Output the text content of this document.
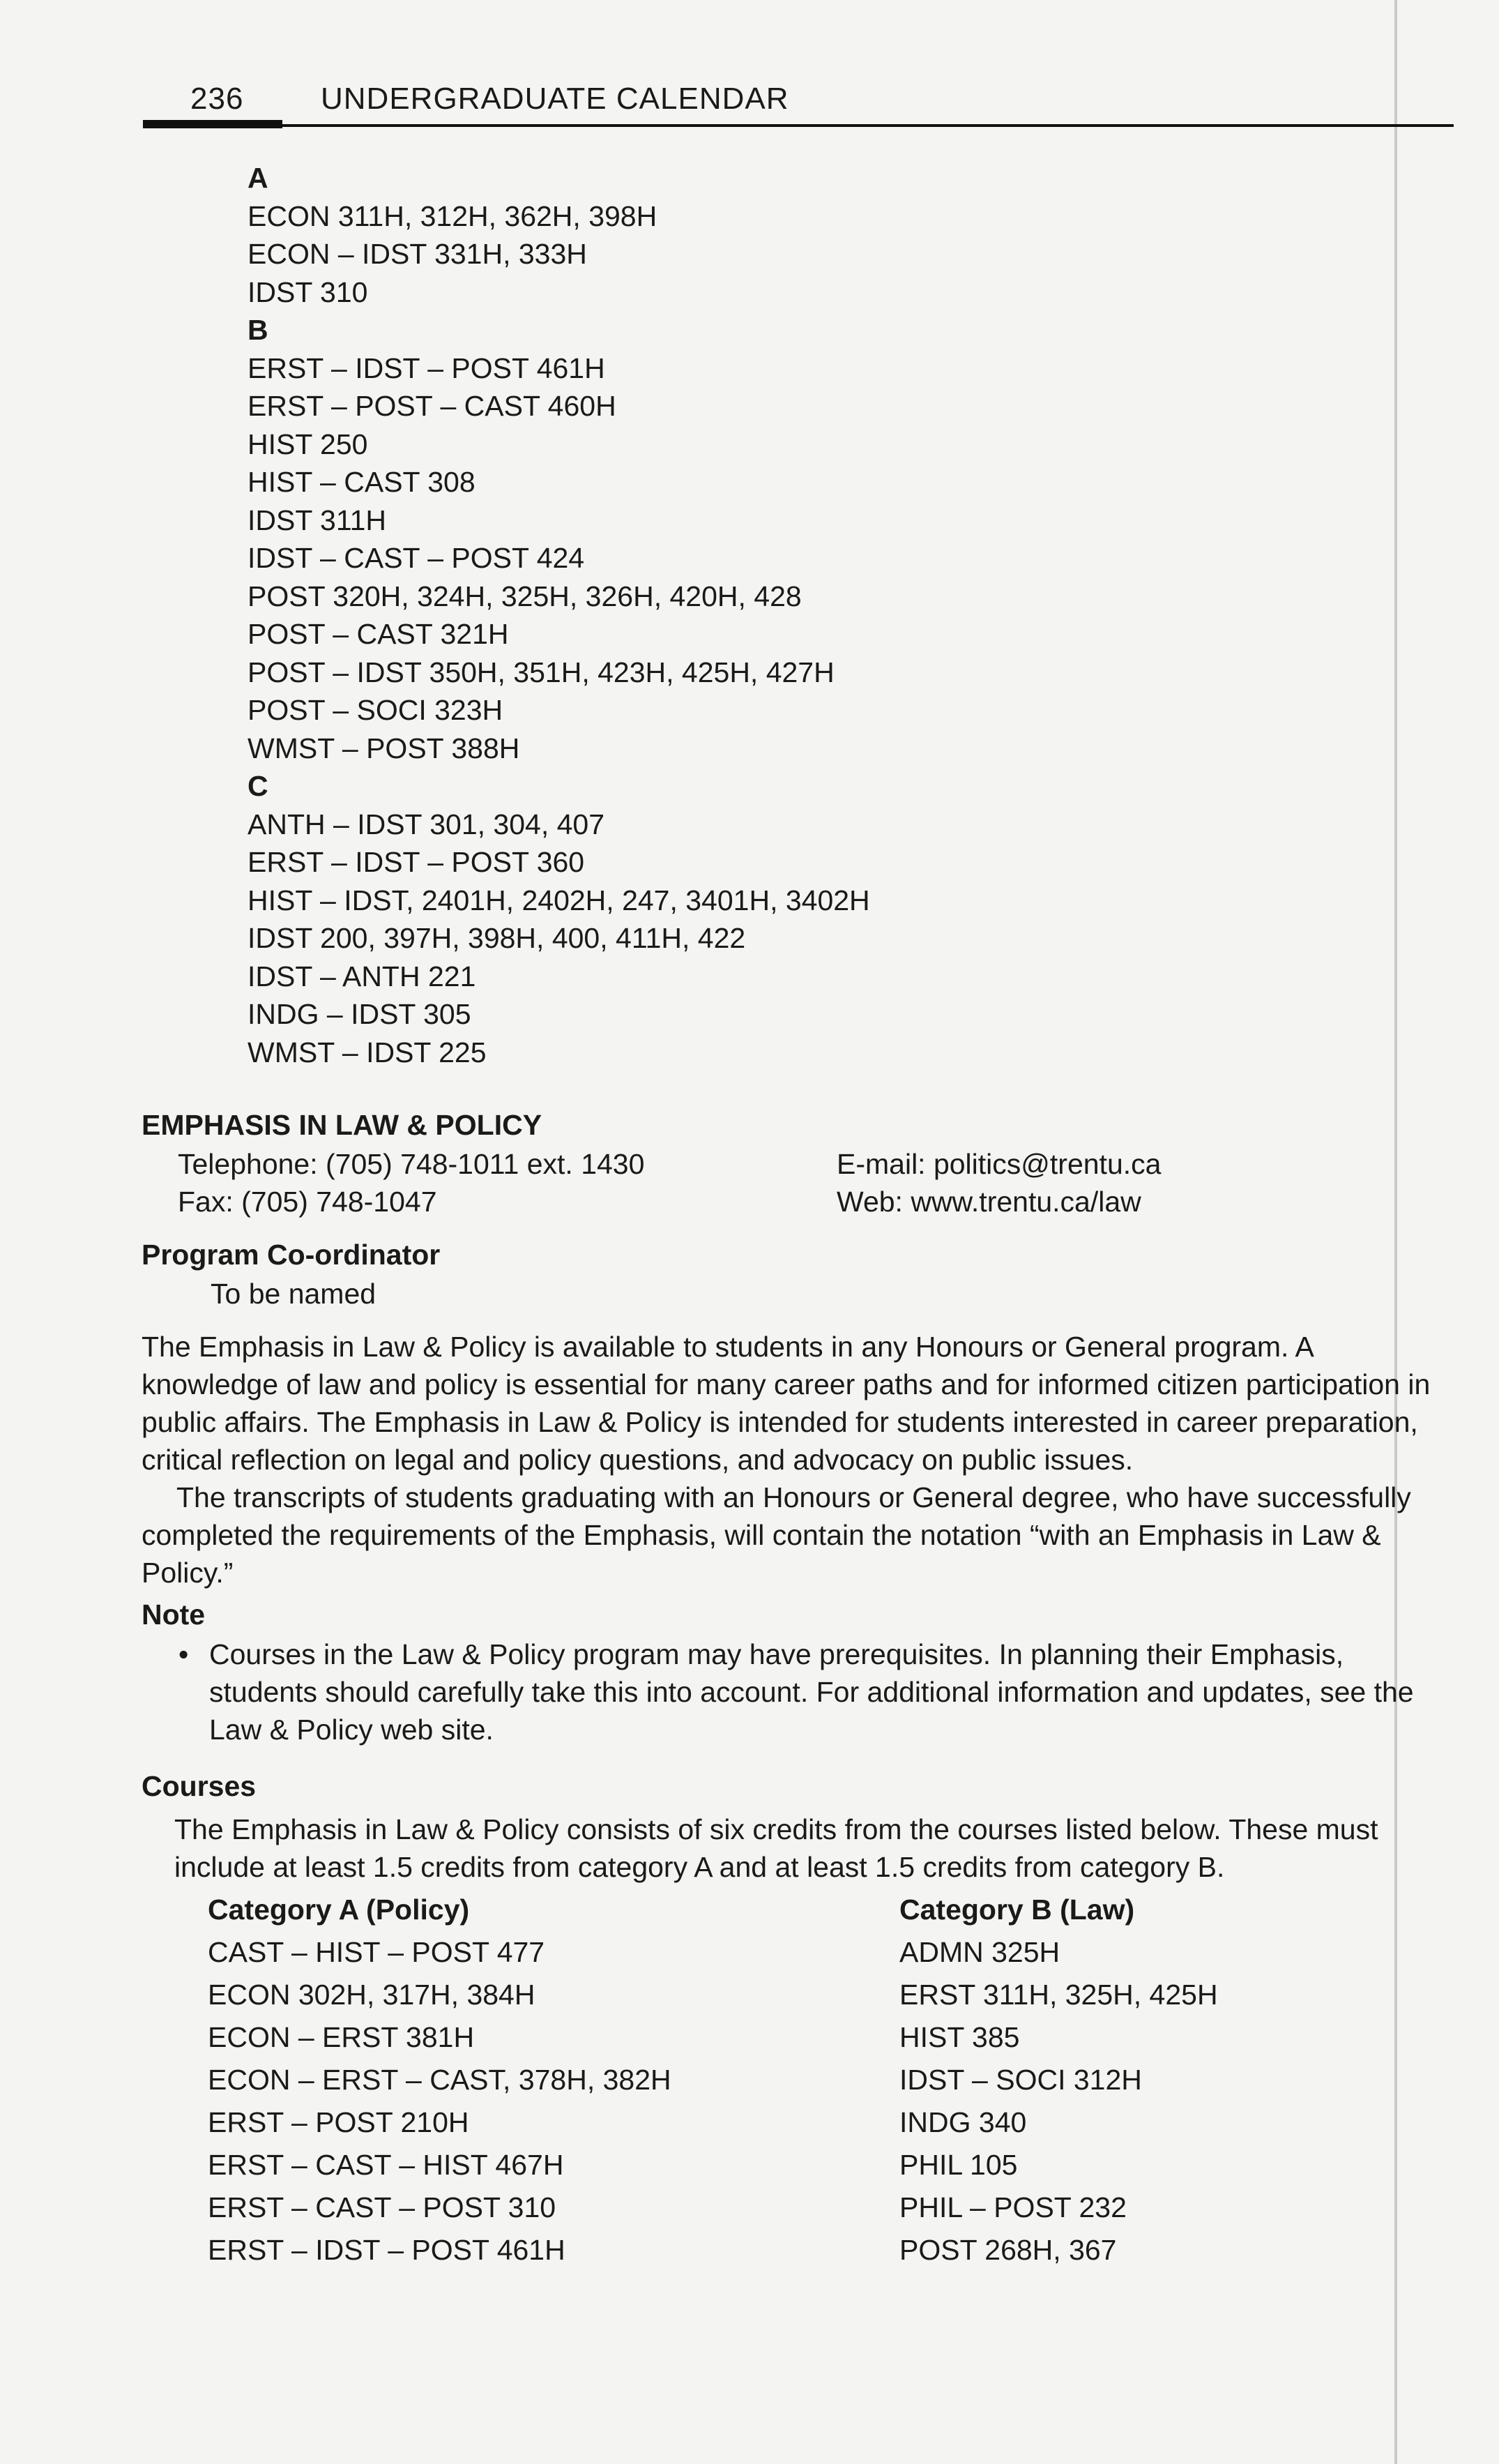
236	UNDERGRADUATE CALENDAR
A
ECON 311H, 312H, 362H, 398H
ECON – IDST 331H, 333H
IDST 310
B
ERST – IDST – POST 461H
ERST – POST – CAST 460H
HIST 250
HIST – CAST 308
IDST 311H
IDST – CAST – POST 424
POST 320H, 324H, 325H, 326H, 420H, 428
POST – CAST 321H
POST – IDST 350H, 351H, 423H, 425H, 427H
POST – SOCI 323H
WMST – POST 388H
C
ANTH – IDST 301, 304, 407
ERST – IDST – POST 360
HIST – IDST, 2401H, 2402H, 247, 3401H, 3402H
IDST 200, 397H, 398H, 400, 411H, 422
IDST – ANTH 221
INDG – IDST 305
WMST – IDST 225
EMPHASIS IN LAW & POLICY
Telephone: (705) 748-1011 ext. 1430
Fax: (705) 748-1047
E-mail: politics@trentu.ca
Web: www.trentu.ca/law
Program Co-ordinator
To be named

The Emphasis in Law & Policy is available to students in any Honours or General program. A knowledge of law and policy is essential for many career paths and for informed citizen participation in public affairs. The Emphasis in Law & Policy is intended for students interested in career preparation, critical reflection on legal and policy questions, and advocacy on public issues.

The transcripts of students graduating with an Honours or General degree, who have successfully completed the requirements of the Emphasis, will contain the notation “with an Emphasis in Law & Policy.”

Note
• Courses in the Law & Policy program may have prerequisites. In planning their Emphasis, students should carefully take this into account. For additional information and updates, see the Law & Policy web site.
Courses
The Emphasis in Law & Policy consists of six credits from the courses listed below. These must include at least 1.5 credits from category A and at least 1.5 credits from category B.
Category A (Policy)
CAST – HIST – POST 477
ECON 302H, 317H, 384H
ECON – ERST 381H
ECON – ERST – CAST, 378H, 382H
ERST – POST 210H
ERST – CAST – HIST 467H
ERST – CAST – POST 310
ERST – IDST – POST 461H
Category B (Law)
ADMN 325H
ERST 311H, 325H, 425H
HIST 385
IDST – SOCI 312H
INDG 340
PHIL 105
PHIL – POST 232
POST 268H, 367
